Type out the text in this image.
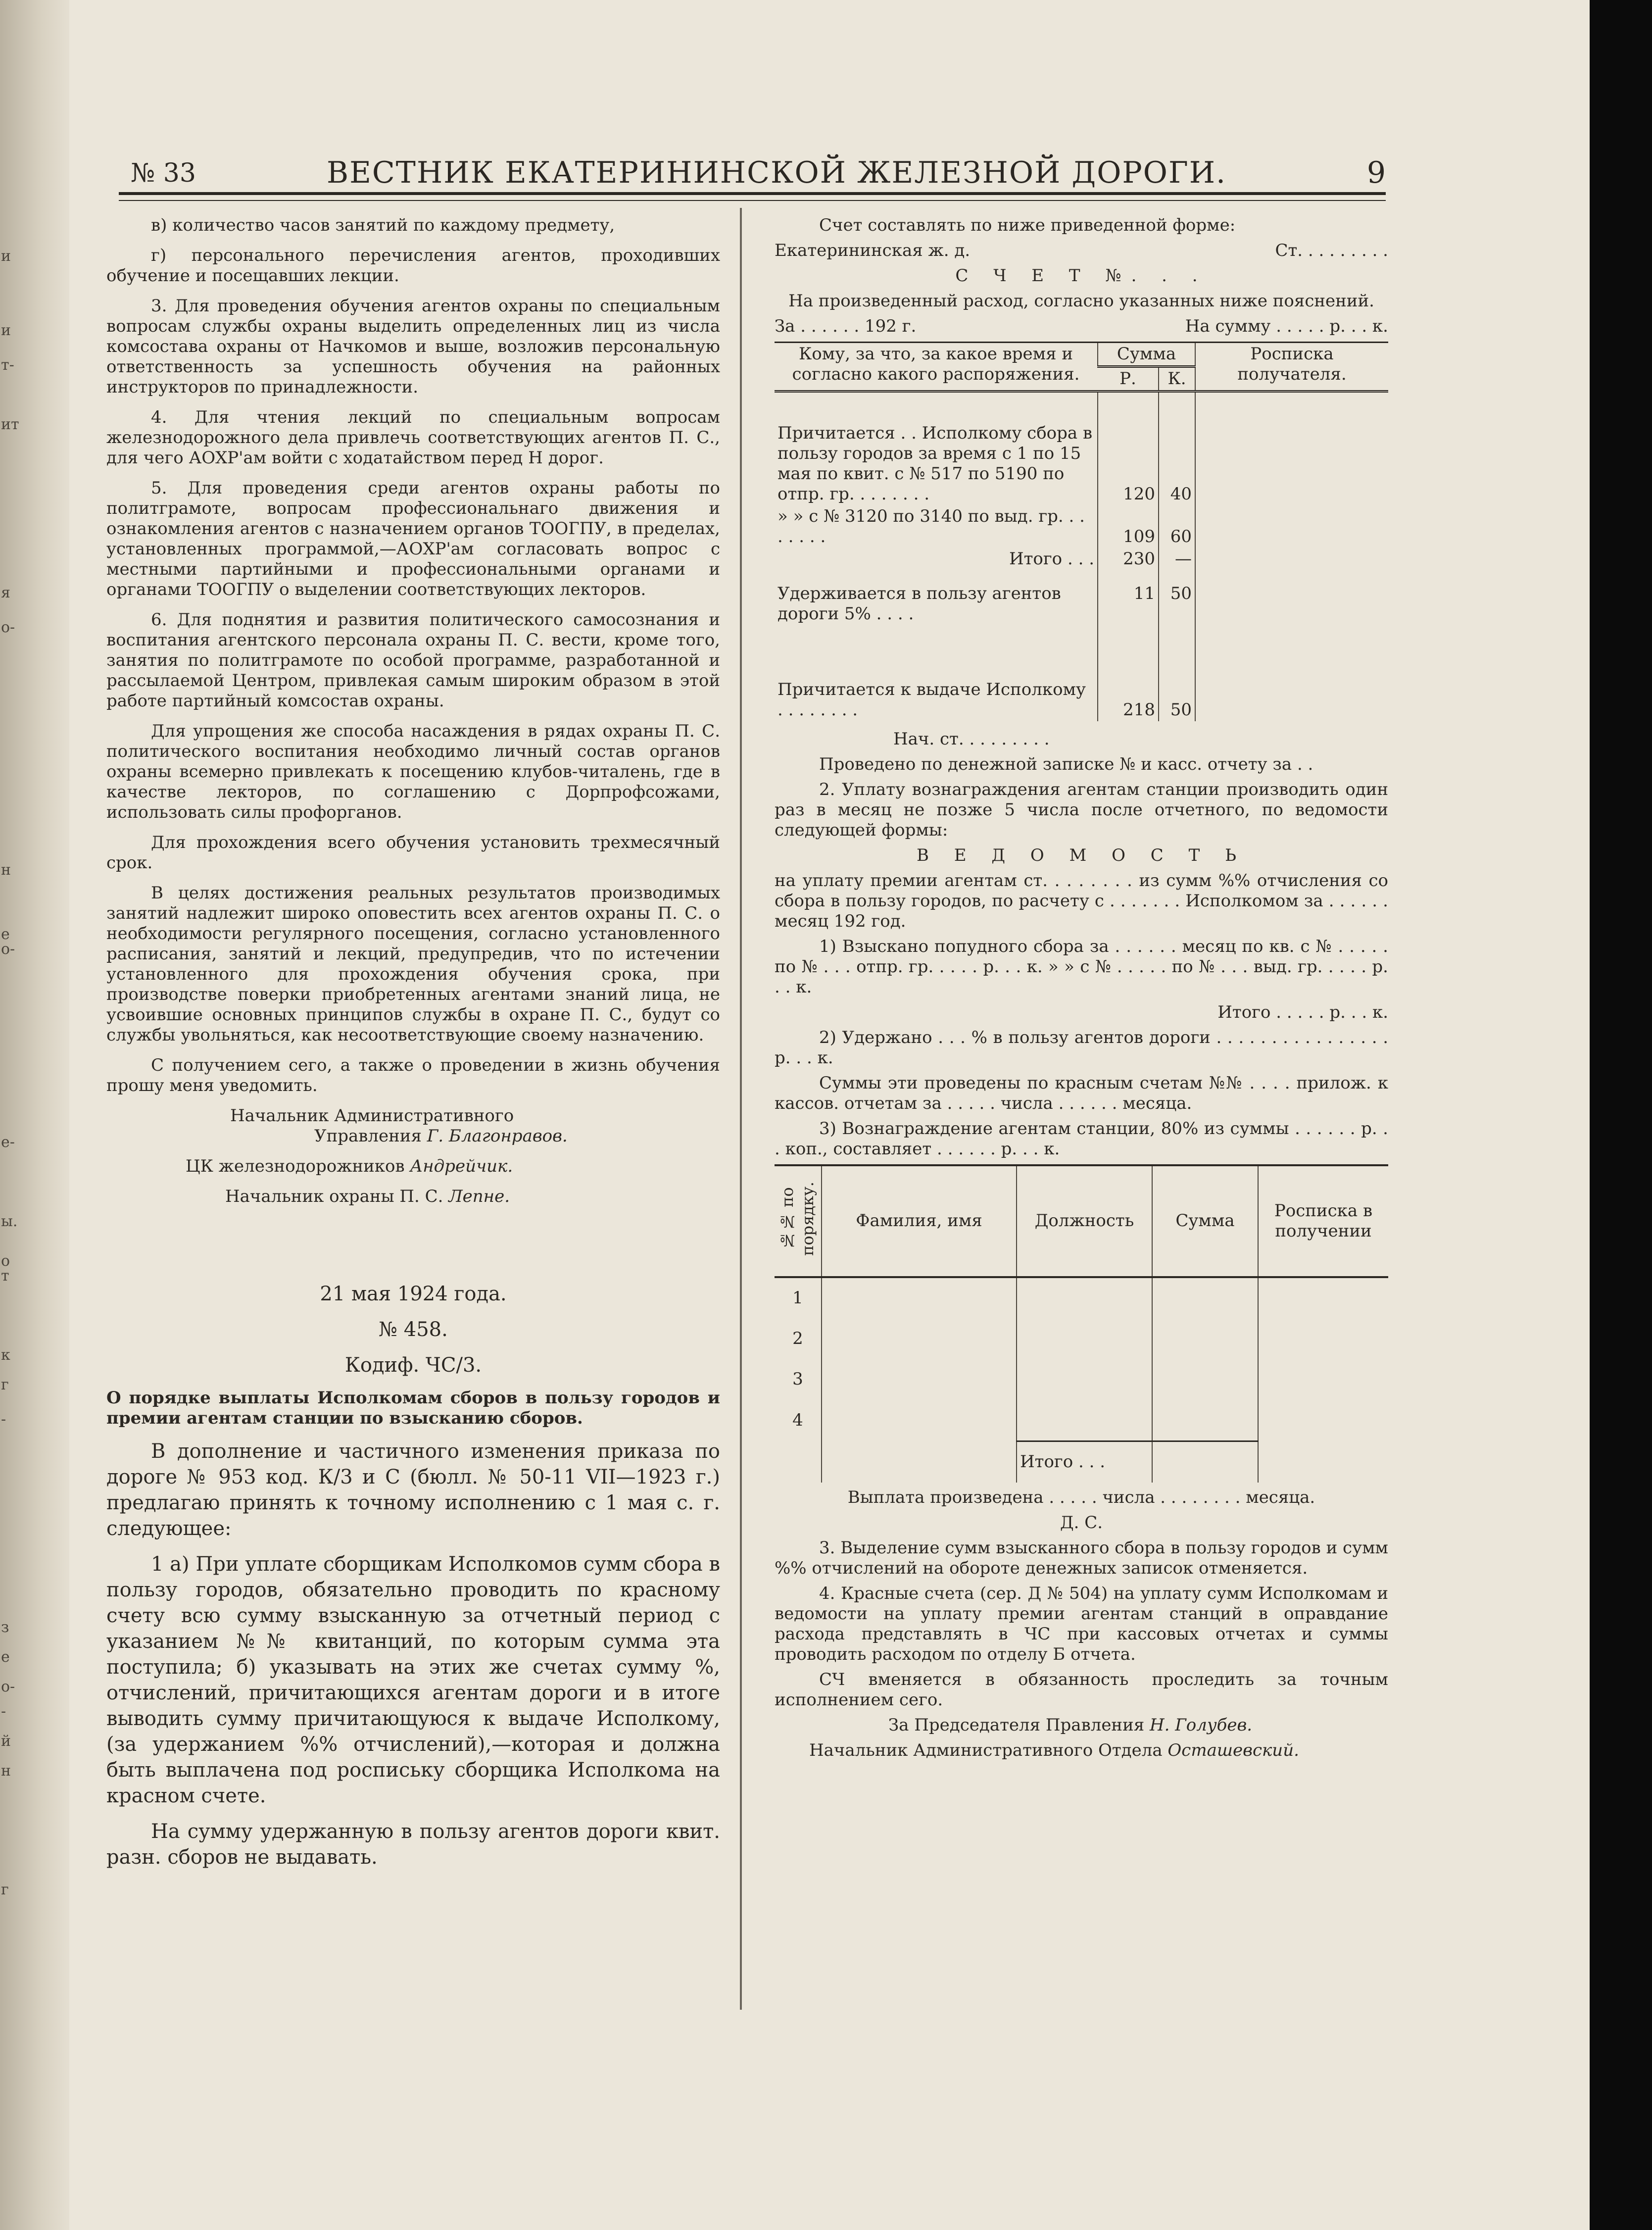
и
и
т-
ит
я
о-
н
е
о-
е-
ы.
о
т
к
г
-
з
е
о-
-
й
н
г
№ 33	ВЕСТНИК ЕКАТЕРИНИНСКОЙ ЖЕЛЕЗНОЙ ДОРОГИ.	9

в) количество часов занятий по каждому предмету,

г) персонального перечисления агентов, проходивших обучение и посещавших лекции.

3. Для проведения обучения агентов охраны по специальным вопросам службы охраны выделить определенных лиц из числа комсостава охраны от Начкомов и выше, возложив персональную ответственность за успешность обучения на районных инструкторов по принадлежности.

4. Для чтения лекций по специальным вопросам железнодорожного дела привлечь соответствующих агентов П. С., для чего АОХР'ам войти с ходатайством перед Н дорог.

5. Для проведения среди агентов охраны работы по политграмоте, вопросам профессиональнаго движения и ознакомления агентов с назначением органов ТООГПУ, в пределах, установленных программой,—АОХР'ам согласовать вопрос с местными партийными и профессиональными органами и органами ТООГПУ о выделении соответствующих лекторов.

6. Для поднятия и развития политического самосознания и воспитания агентского персонала охраны П. С. вести, кроме того, занятия по политграмоте по особой программе, разработанной и рассылаемой Центром, привлекая самым широким образом в этой работе партийный комсостав охраны.

Для упрощения же способа насаждения в рядах охраны П. С. политического воспитания необходимо личный состав органов охраны всемерно привлекать к посещению клубов-читалень, где в качестве лекторов, по соглашению с Дорпрофсожами, использовать силы профорганов.

Для прохождения всего обучения установить трехмесячный срок.

В целях достижения реальных результатов производимых занятий надлежит широко оповестить всех агентов охраны П. С. о необходимости регулярного посещения, согласно установленного расписания, занятий и лекций, предупредив, что по истечении установленного для прохождения обучения срока, при производстве поверки приобретенных агентами знаний лица, не усвоившие основных принципов службы в охране П. С., будут со службы увольняться, как несоответствующие своему назначению.

С получением сего, а также о проведении в жизнь обучения прошу меня уведомить.

Начальник Административного

Управления Г. Благонравов.

ЦК железнодорожников Андрейчик.

Начальник охраны П. С. Лепне.

21 мая 1924 года.

№ 458.

Кодиф. ЧС/3.

О порядке выплаты Исполкомам сборов в пользу городов и премии агентам станции по взысканию сборов.

В дополнение и частичного изменения приказа по дороге № 953 код. К/3 и С (бюлл. № 50-11 VII—1923 г.) предлагаю принять к точному исполнению с 1 мая с. г. следующее:

1 а) При уплате сборщикам Исполкомов сумм сбора в пользу городов, обязательно проводить по красному счету всю сумму взысканную за отчетный период с указанием №№ квитанций, по которым сумма эта поступила; б) указывать на этих же счетах сумму %, отчислений, причитающихся агентам дороги и в итоге выводить сумму причитающуюся к выдаче Исполкому, (за удержанием %% отчислений),—которая и должна быть выплачена под роспиську сборщика Исполкома на красном счете.

На сумму удержанную в пользу агентов дороги квит. разн. сборов не выдавать.

Счет составлять по ниже приведенной форме:

Екатерининская ж. д.	Ст. . . . . . . . .

С Ч Е Т №. . .

На произведенный расход, согласно указанных ниже пояснений.

За . . . . . . 192 г.	На сумму . . . . . р. . . к.

Кому, за что, за какое время и согласно какого распоряжения.	Сумма		Роспиcка получателя.
	Р.	К.	
Причитается . . Исполкому сбора в пользу городов за время с 1 по 15 мая по квит. с № 517 по 5190 по отпр. гр. . . . . . . .	120	40	
» » с № 3120 по 3140 по выд. гр. . . . . . . .	109	60	
Итого . . .	230	—	
Удерживается в пользу агентов дороги 5% . . . .	11	50	
Причитается к выдаче Исполкому . . . . . . . .	218	50	

Нач. ст. . . . . . . . .

Проведено по денежной записке № и касс. отчету за . .

2. Уплату вознаграждения агентам станции производить один раз в месяц не позже 5 числа после отчетного, по ведомости следующей формы:

В Е Д О М О С Т Ь

на уплату премии агентам ст. . . . . . . . из сумм %% отчисления со сбора в пользу городов, по расчету с . . . . . . . Исполкомом за . . . . . . месяц 192 год.

1) Взыскано попудного сбора за . . . . . . месяц по кв. с № . . . . . по № . . . отпр. гр. . . . . р. . . к. » » с № . . . . . по № . . . выд. гр. . . . . р. . . к.

Итого . . . . . р. . . к.

2) Удержано . . . % в пользу агентов дороги . . . . . . . . . . . . . . . . р. . . к.

Суммы эти проведены по красным счетам №№ . . . . прилож. к кассов. отчетам за . . . . . числа . . . . . . месяца.

3) Вознаграждение агентам станции, 80% из суммы . . . . . . р. . . коп., составляет . . . . . . р. . . к.

№№ по порядку.	Фамилия, имя	Должность	Сумма	Роспиcка в получении
1				
2				
3				
4				
		Итого . . .		

Выплата произведена . . . . . числа . . . . . . . . месяца.

Д. С.

3. Выделение сумм взысканного сбора в пользу городов и сумм %% отчислений на обороте денежных записок отменяется.

4. Красные счета (сер. Д № 504) на уплату сумм Исполкомам и ведомости на уплату премии агентам станций в оправдание расхода представлять в ЧС при кассовых отчетах и суммы проводить расходом по отделу Б отчета.

СЧ вменяется в обязанность проследить за точным исполнением сего.

За Председателя Правления Н. Голубев.

Начальник Административного Отдела Осташевский.
